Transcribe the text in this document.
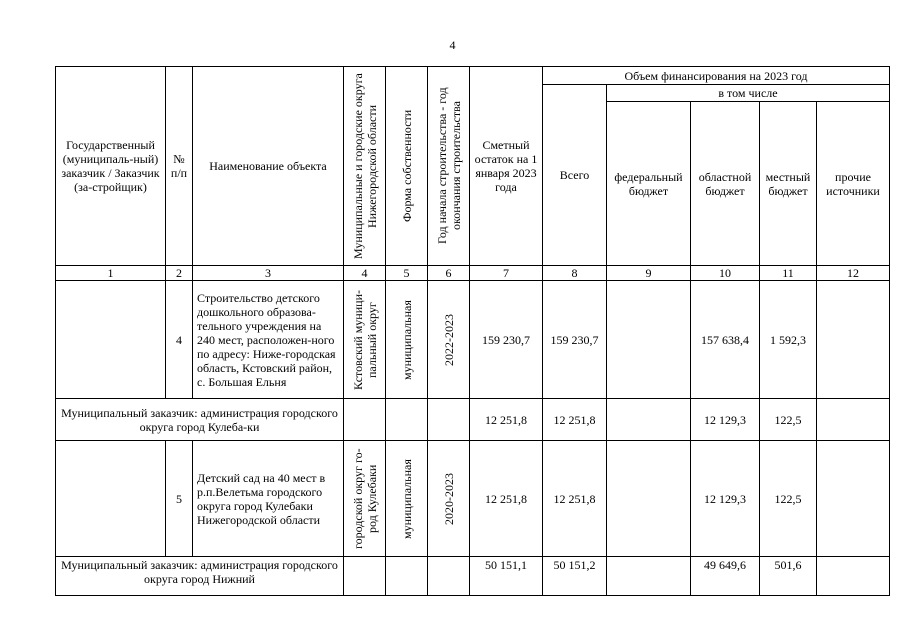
4
Государственный (муниципаль-ный) заказчик / Заказчик (за-стройщик)	№ п/п	Наименование объекта	Муниципальные и городские округа Нижегородской области	Форма собственности	Год начала строительства - год окончания строительства	Сметный остаток на 1 января 2023 года	Объем финансирования на 2023 год				
							Всего	в том числе			
								федеральный бюджет	областной бюджет	местный бюджет	прочие источники
1	2	3	4	5	6	7	8	9	10	11	12
	4	Строительство детского дошкольного образова-тельного учреждения на 240 мест, расположен-ного по адресу: Ниже-городская область, Кстовский район, с. Большая Ельня	Кстовский муници-пальный округ	муниципальная	2022-2023	159 230,7	159 230,7		157 638,4	1 592,3	
Муниципальный заказчик: администрация городского округа город Кулеба-ки						12 251,8	12 251,8		12 129,3	122,5	
	5	Детский сад на 40 мест в р.п.Велетьма городского округа город Кулебаки Нижегородской области	городской округ го-род Кулебаки	муниципальная	2020-2023	12 251,8	12 251,8		12 129,3	122,5	
Муниципальный заказчик: администрация городского округа город Нижний						50 151,1	50 151,2		49 649,6	501,6	
